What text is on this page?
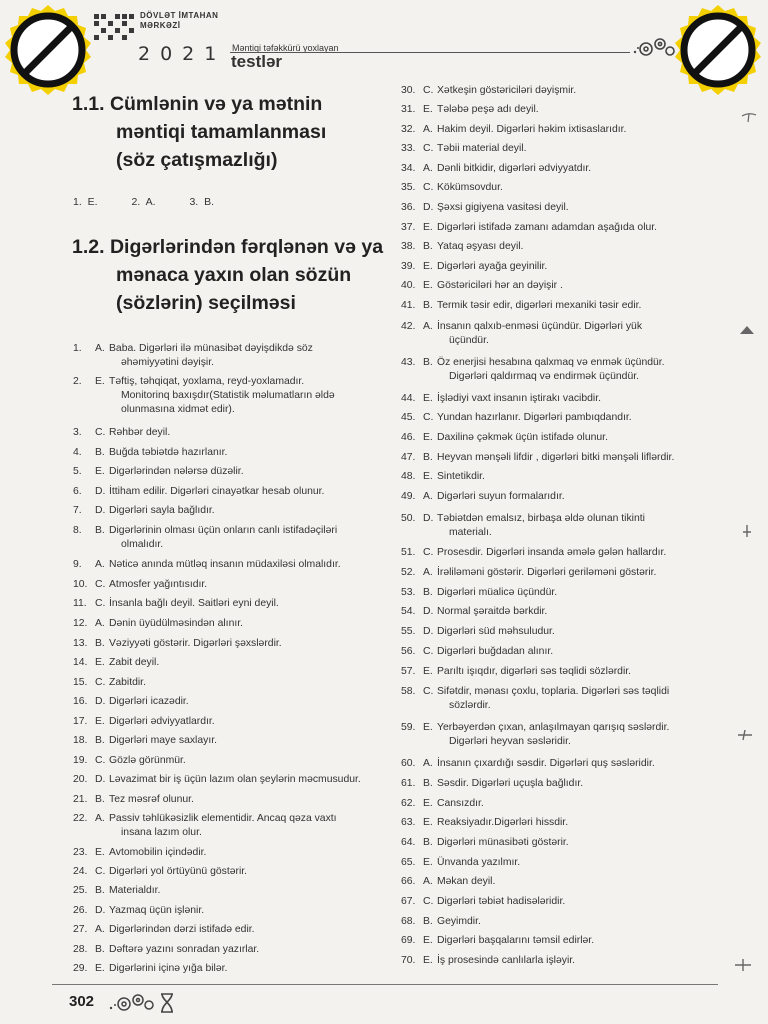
DÖVLƏT İMTAHAN
MƏRKƏZİ
2021 Məntiqi təfəkkürü yoxlayan
testlər
1.1. Cümlənin və ya mətnin
məntiqi tamamlanması
(söz çatışmazlığı)
1. E.	2. A.	3. B.
1.2. Digərlərindən fərqlənən və ya
mənaca yaxın olan sözün
(sözlərin) seçilməsi
1.	A. Baba. Digərləri ilə münasibət dəyişdikdə söz
əhəmiyyətini dəyişir.
2.	E. Təftiş, təhqiqat, yoxlama, reyd-yoxlamadır.
Monitorinq baxışdır(Statistik məlumatların əldə
olunmasına xidmət edir).
3.	C. Rəhbər deyil.
4.	B. Buğda təbiətdə hazırlanır.
5.	E. Digərlərindən nələrsə düzəlir.
6.	D. İttiham edilir. Digərləri cinayətkar hesab olunur.
7.	D. Digərləri sayla bağlıdır.
8.	B. Digərlərinin olması üçün onların canlı istifadəçiləri
olmalıdır.
9.	A. Nəticə anında mütləq insanın müdaxiləsi olmalıdır.
10. C. Atmosfer yağıntısıdır.
11. C. İnsanla bağlı deyil. Saitləri eyni deyil.
12. A. Dənin üyüdülməsindən alınır.
13. B. Vəziyyəti göstərir. Digərləri şəxslərdir.
14. E. Zabit deyil.
15. C. Zabitdir.
16. D. Digərləri icazədir.
17. E. Digərləri ədviyyatlardır.
18. B. Digərləri maye saxlayır.
19. C. Gözlə görünmür.
20. D. Ləvazimat bir iş üçün lazım olan şeylərin məcmusudur.
21. B. Tez məsrəf olunur.
22. A. Passiv təhlükəsizlik elementidir. Ancaq qəza vaxtı
insana lazım olur.
23. E. Avtomobilin içindədir.
24. C. Digərləri yol örtüyünü göstərir.
25. B. Materialdır.
26. D. Yazmaq üçün işlənir.
27. A. Digərlərindən dərzi istifadə edir.
28. B. Dəftərə yazını sonradan yazırlar.
29. E. Digərlərini içinə yığa bilər.
30. C. Xətkeşin göstəriciləri dəyişmir.
31. E. Tələbə peşə adı deyil.
32. A. Hakim deyil. Digərləri həkim ixtisaslarıdır.
33. C. Təbii material deyil.
34. A. Dənli bitkidir, digərləri ədviyyatdır.
35. C. Kökümsovdur.
36. D. Şəxsi gigiyena vasitəsi deyil.
37. E. Digərləri istifadə zamanı adamdan aşağıda olur.
38. B. Yataq əşyası deyil.
39. E. Digərləri ayağa geyinilir.
40. E. Göstəriciləri hər an dəyişir .
41. B. Termik təsir edir, digərləri mexaniki təsir edir.
42. A. İnsanın qalxıb-enməsi üçündür. Digərləri yük
üçündür.
43. B. Öz enerjisi hesabına qalxmaq və enmək üçündür.
Digərləri qaldırmaq və endirmək üçündür.
44. E. İşlədiyi vaxt insanın iştirakı vacibdir.
45. C. Yundan hazırlanır. Digərləri pambıqdandır.
46. E. Daxilinə çəkmək üçün istifadə olunur.
47. B. Heyvan mənşəli lifdir , digərləri bitki mənşəli liflərdir.
48. E. Sintetikdir.
49. A. Digərləri suyun formalarıdır.
50. D. Təbiətdən emalsız, birbaşa əldə olunan tikinti
materialı.
51. C. Prosesdir. Digərləri insanda əmələ gələn hallardır.
52. A. İrəliləməni göstərir. Digərləri geriləməni göstərir.
53. B. Digərləri müalicə üçündür.
54. D. Normal şəraitdə bərkdir.
55. D. Digərləri süd məhsuludur.
56. C. Digərləri buğdadan alınır.
57. E. Parıltı işıqdır, digərləri səs təqlidi sözlərdir.
58. C. Sifətdir, mənası çoxlu, toplaria. Digərləri səs təqlidi
sözlərdir.
59. E. Yerbəyerdən çıxan, anlaşılmayan qarışıq səslərdir.
Digərləri heyvan səsləridir.
60. A. İnsanın çıxardığı səsdir. Digərləri quş səsləridir.
61. B. Səsdir. Digərləri uçuşla bağlıdır.
62. E. Cansızdır.
63. E. Reaksiyadır.Digərləri hissdir.
64. B. Digərləri münasibəti göstərir.
65. E. Ünvanda yazılmır.
66. A. Məkan deyil.
67. C. Digərləri təbiət hadisələridir.
68. B. Geyimdir.
69. E. Digərləri başqalarını təmsil edirlər.
70. E. İş prosesində canlılarla işləyir.
302
